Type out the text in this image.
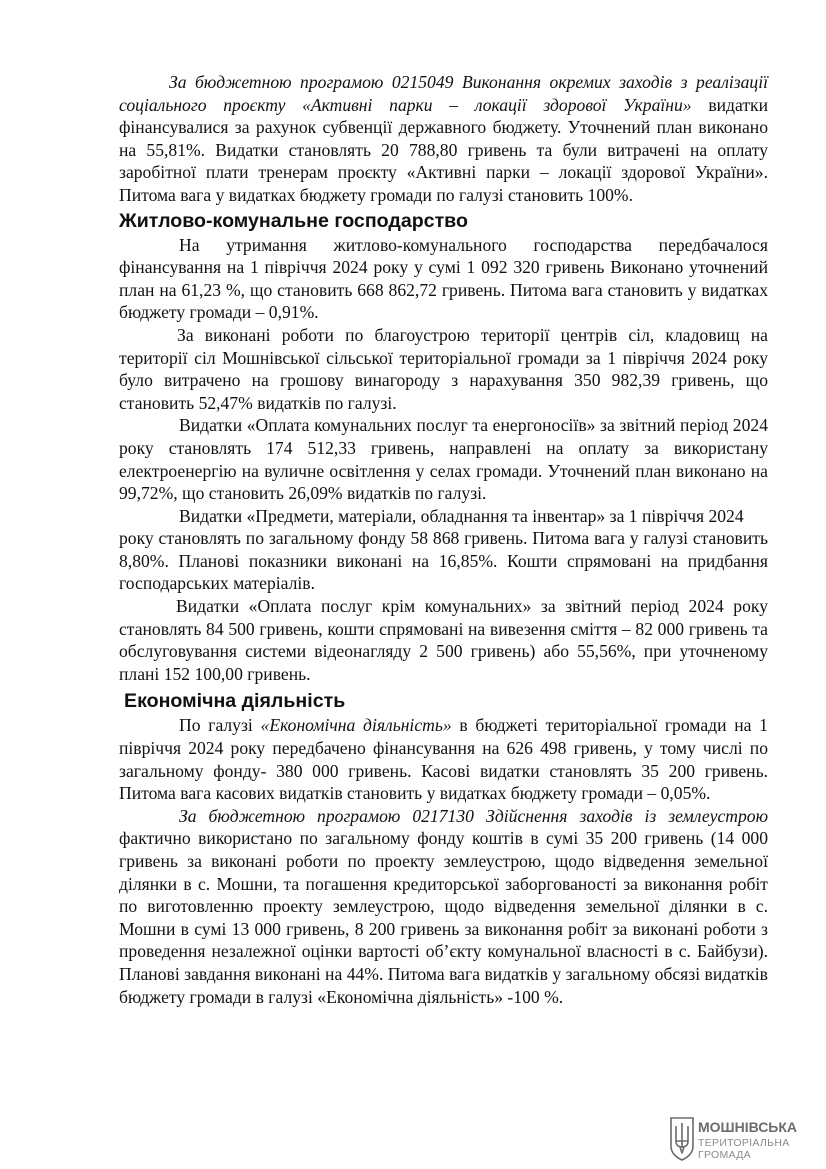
За бюджетною програмою 0215049 Виконання окремих заходів з реалізації соціального проєкту «Активні парки – локації здорової України» видатки фінансувалися за рахунок субвенції державного бюджету. Уточнений план виконано на 55,81%. Видатки становлять 20 788,80 гривень та були витрачені на оплату заробітної плати тренерам проєкту «Активні парки – локації здорової України». Питома вага у видатках бюджету громади по галузі становить 100%.

Житлово-комунальне господарство

На утримання житлово-комунального господарства передбачалося фінансування на 1 півріччя 2024 року у сумі 1 092 320 гривень Виконано уточнений план на 61,23 %, що становить 668 862,72 гривень. Питома вага становить у видатках бюджету громади – 0,91%.

За виконані роботи по благоустрою території центрів сіл, кладовищ на території сіл Мошнівської сільської територіальної громади за 1 півріччя 2024 року було витрачено на грошову винагороду з нарахування 350 982,39 гривень, що становить 52,47% видатків по галузі.

Видатки «Оплата комунальних послуг та енергоносіїв» за звітний період 2024 року становлять 174 512,33 гривень, направлені на оплату за використану електроенергію на вуличне освітлення у селах громади. Уточнений план виконано на 99,72%, що становить 26,09% видатків по галузі.

Видатки «Предмети, матеріали, обладнання та інвентар» за 1 півріччя 2024

року становлять по загальному фонду 58 868 гривень. Питома вага у галузі становить 8,80%. Планові показники виконані на 16,85%. Кошти спрямовані на придбання господарських матеріалів.

Видатки «Оплата послуг крім комунальних» за звітний період 2024 року становлять 84 500 гривень, кошти спрямовані на вивезення сміття – 82 000 гривень та обслуговування системи відеонагляду 2 500 гривень) або 55,56%, при уточненому плані 152 100,00 гривень.

Економічна діяльність

По галузі «Економічна діяльність» в бюджеті територіальної громади на 1 півріччя 2024 року передбачено фінансування на 626 498 гривень, у тому числі по загальному фонду- 380 000 гривень. Касові видатки становлять 35 200 гривень. Питома вага касових видатків становить у видатках бюджету громади – 0,05%.

За бюджетною програмою 0217130 Здійснення заходів із землеустрою фактично використано по загальному фонду коштів в сумі 35 200 гривень (14 000 гривень за виконані роботи по проекту землеустрою, щодо відведення земельної ділянки в с. Мошни, та погашення кредиторської заборгованості за виконання робіт по виготовленню проекту землеустрою, щодо відведення земельної ділянки в с. Мошни в сумі 13 000 гривень, 8 200 гривень за виконання робіт за виконані роботи з проведення незалежної оцінки вартості об’єкту комунальної власності в с. Байбузи). Планові завдання виконані на 44%. Питома вага видатків у загальному обсязі видатків бюджету громади в галузі «Економічна діяльність» -100 %.

МОШНІВСЬКА
ТЕРИТОРІАЛЬНА
ГРОМАДА
